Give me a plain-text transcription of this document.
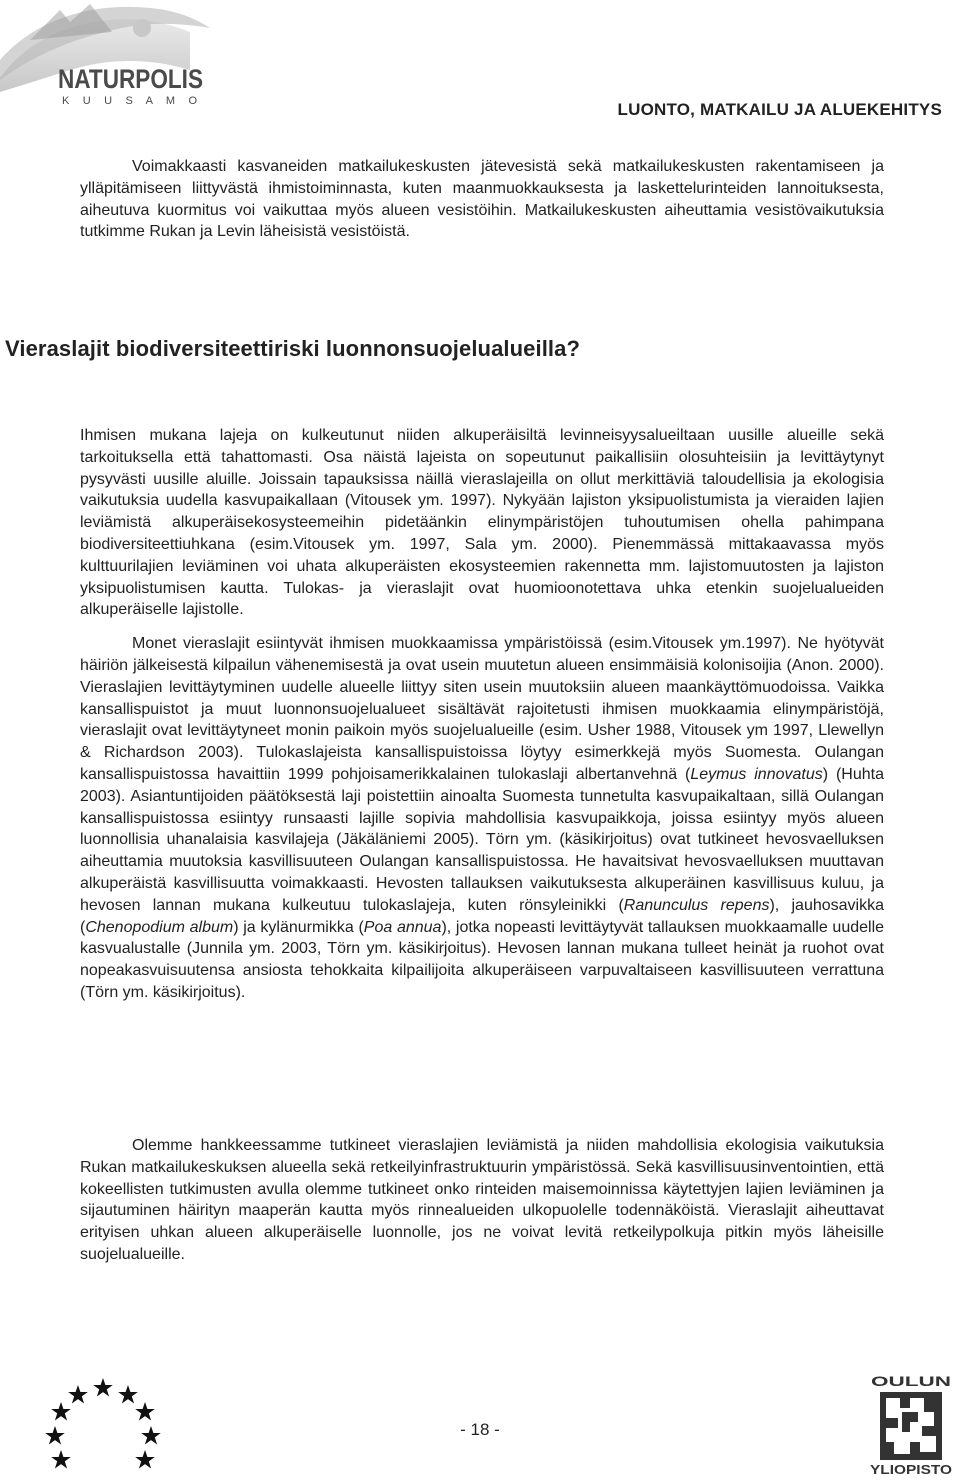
NATURPOLIS
K U U S A M O	LUONTO, MATKAILU JA ALUEKEHITYS

Voimakkaasti kasvaneiden matkailukeskusten jätevesistä sekä matkailukeskusten rakentamiseen ja ylläpitämiseen liittyvästä ihmistoiminnasta, kuten maanmuokkauksesta ja laskettelurinteiden lannoituksesta, aiheutuva kuormitus voi vaikuttaa myös alueen vesistöihin. Matkailukeskusten aiheuttamia vesistövaikutuksia tutkimme Rukan ja Levin läheisistä vesistöistä.

Vieraslajit biodiversiteettiriski luonnonsuojelualueilla?

Ihmisen mukana lajeja on kulkeutunut niiden alkuperäisiltä levinneisyysalueiltaan uusille alueille sekä tarkoituksella että tahattomasti. Osa näistä lajeista on sopeutunut paikallisiin olosuhteisiin ja levittäytynyt pysyvästi uusille aluille. Joissain tapauksissa näillä vieraslajeilla on ollut merkittäviä taloudellisia ja ekologisia vaikutuksia uudella kasvupaikallaan (Vitousek ym. 1997). Nykyään lajiston yksipuolistumista ja vieraiden lajien leviämistä alkuperäisekosysteemeihin pidetäänkin elinympäristöjen tuhoutumisen ohella pahimpana biodiversiteettiuhkana (esim.Vitousek ym. 1997, Sala ym. 2000). Pienemmässä mittakaavassa myös kulttuurilajien leviäminen voi uhata alkuperäisten ekosysteemien rakennetta mm. lajistomuutosten ja lajiston yksipuolistumisen kautta. Tulokas- ja vieraslajit ovat huomioonotettava uhka etenkin suojelualueiden alkuperäiselle lajistolle.

Monet vieraslajit esiintyvät ihmisen muokkaamissa ympäristöissä (esim.Vitousek ym.1997). Ne hyötyvät häiriön jälkeisestä kilpailun vähenemisestä ja ovat usein muutetun alueen ensimmäisiä kolonisoijia (Anon. 2000). Vieraslajien levittäytyminen uudelle alueelle liittyy siten usein muutoksiin alueen maankäyttömuodoissa. Vaikka kansallispuistot ja muut luonnonsuojelualueet sisältävät rajoitetusti ihmisen muokkaamia elinympäristöjä, vieraslajit ovat levittäytyneet monin paikoin myös suojelualueille (esim. Usher 1988, Vitousek ym 1997, Llewellyn & Richardson 2003). Tulokaslajeista kansallispuistoissa löytyy esimerkkejä myös Suomesta. Oulangan kansallispuistossa havaittiin 1999 pohjoisamerikkalainen tulokaslaji albertanvehnä (Leymus innovatus) (Huhta 2003). Asiantuntijoiden päätöksestä laji poistettiin ainoalta Suomesta tunnetulta kasvupaikaltaan, sillä Oulangan kansallispuistossa esiintyy runsaasti lajille sopivia mahdollisia kasvupaikkoja, joissa esiintyy myös alueen luonnollisia uhanalaisia kasvilajeja (Jäkäläniemi 2005). Törn ym. (käsikirjoitus) ovat tutkineet hevosvaelluksen aiheuttamia muutoksia kasvillisuuteen Oulangan kansallispuistossa. He havaitsivat hevosvaelluksen muuttavan alkuperäistä kasvillisuutta voimakkaasti. Hevosten tallauksen vaikutuksesta alkuperäinen kasvillisuus kuluu, ja hevosen lannan mukana kulkeutuu tulokaslajeja, kuten rönsyleinikki (Ranunculus repens), jauhosavikka (Chenopodium album) ja kylänurmikka (Poa annua), jotka nopeasti levittäytyvät tallauksen muokkaamalle uudelle kasvualustalle (Junnila ym. 2003, Törn ym. käsikirjoitus). Hevosen lannan mukana tulleet heinät ja ruohot ovat nopeakasvuisuutensa ansiosta tehokkaita kilpailijoita alkuperäiseen varpuvaltaiseen kasvillisuuteen verrattuna (Törn ym. käsikirjoitus).

Olemme hankkeessamme tutkineet vieraslajien leviämistä ja niiden mahdollisia ekologisia vaikutuksia Rukan matkailukeskuksen alueella sekä retkeilyinfrastruktuurin ympäristössä. Sekä kasvillisuusinventointien, että kokeellisten tutkimusten avulla olemme tutkineet onko rinteiden maisemoinnissa käytettyjen lajien leviäminen ja sijautuminen häirityn maaperän kautta myös rinnealueiden ulkopuolelle todennäköistä. Vieraslajit aiheuttavat erityisen uhkan alueen alkuperäiselle luonnolle, jos ne voivat levitä retkeilypolkuja pitkin myös läheisille suojelualueille.

- 18 -
OULUN
YLIOPISTO
